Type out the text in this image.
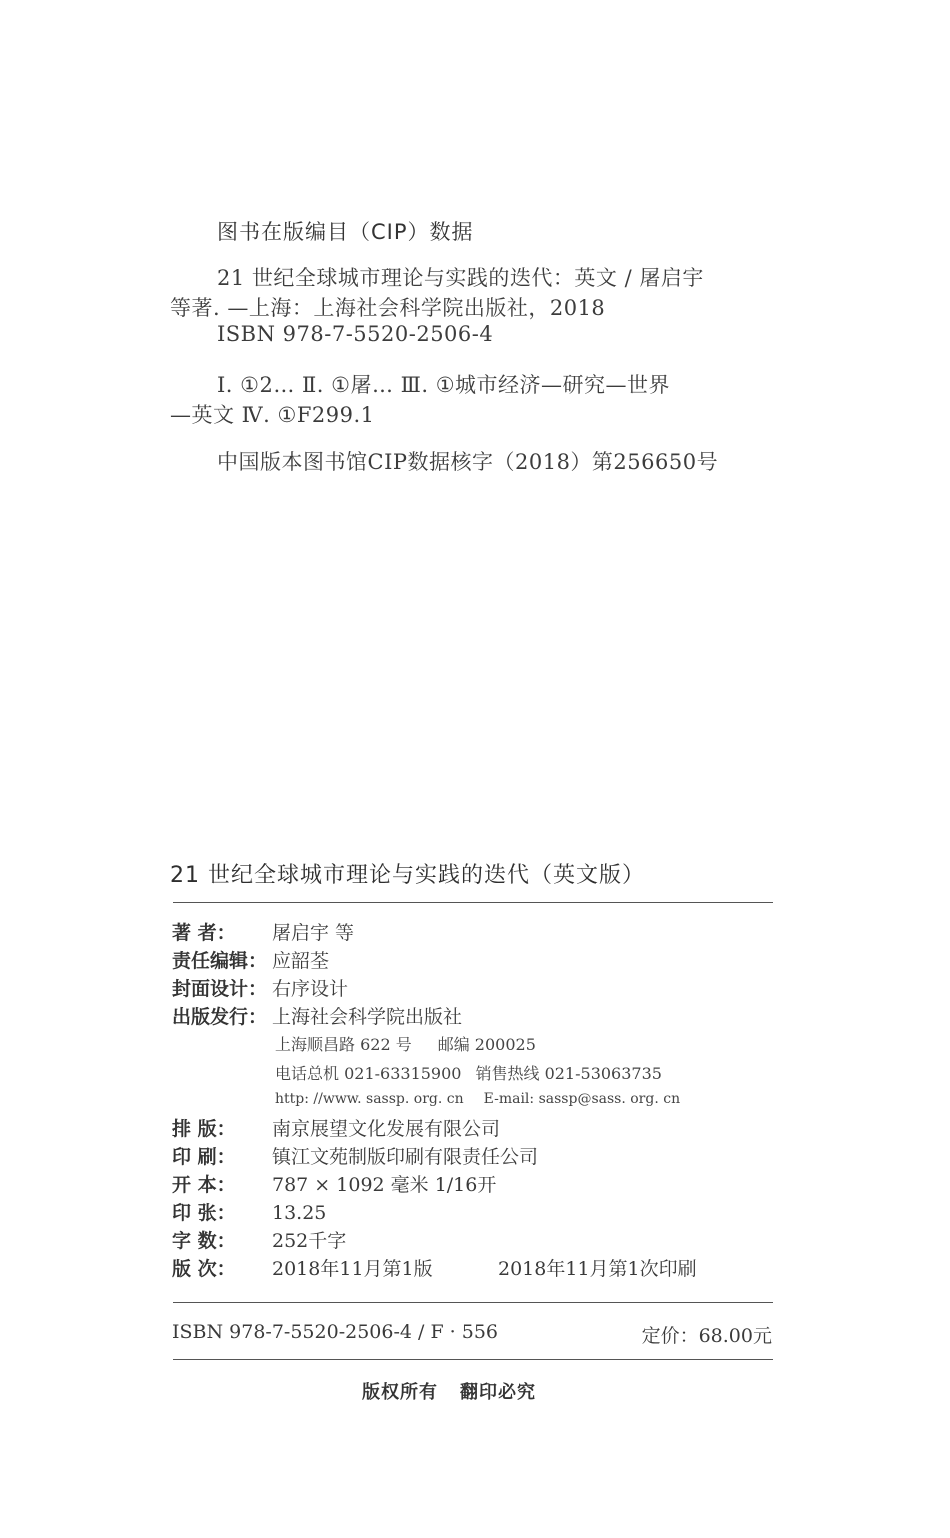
图书在版编目（CIP）数据
21 世纪全球城市理论与实践的迭代：英文 / 屠启宇
等著. —上海：上海社会科学院出版社，2018
ISBN 978-7-5520-2506-4
Ⅰ. ①2… Ⅱ. ①屠… Ⅲ. ①城市经济—研究—世界
—英文 Ⅳ. ①F299.1
中国版本图书馆CIP数据核字（2018）第256650号
21 世纪全球城市理论与实践的迭代（英文版）
著 者： 屠启宇 等
责任编辑： 应韶荃
封面设计： 右序设计
出版发行： 上海社会科学院出版社
上海顺昌路 622 号 邮编 200025
电话总机 021-63315900 销售热线 021-53063735
http: //www. sassp. org. cn E-mail: sassp@sass. org. cn
排 版： 南京展望文化发展有限公司
印 刷： 镇江文苑制版印刷有限责任公司
开 本： 787 × 1092 毫米 1/16开
印 张： 13.25
字 数： 252千字
版 次： 2018年11月第1版	2018年11月第1次印刷
ISBN 978-7-5520-2506-4 / F · 556	定价：68.00元
版权所有 翻印必究
